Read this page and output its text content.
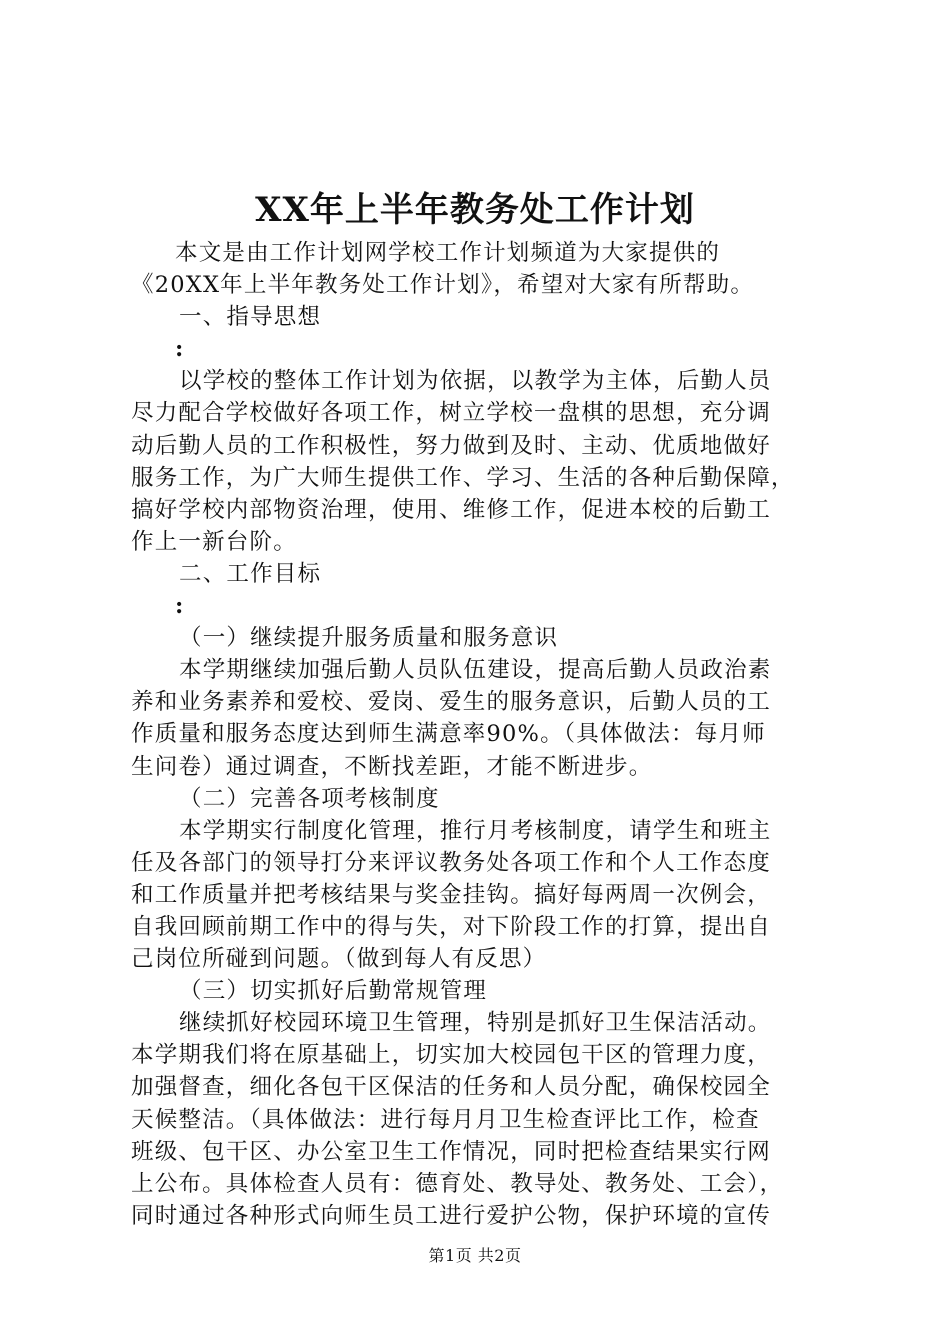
XX年上半年教务处工作计划
本文是由工作计划网学校工作计划频道为大家提供的
《20XX年上半年教务处工作计划》，希望对大家有所帮助。
一、指导思想
:
以学校的整体工作计划为依据，以教学为主体，后勤人员
尽力配合学校做好各项工作，树立学校一盘棋的思想，充分调
动后勤人员的工作积极性，努力做到及时、主动、优质地做好
服务工作，为广大师生提供工作、学习、生活的各种后勤保障，
搞好学校内部物资治理，使用、维修工作，促进本校的后勤工
作上一新台阶。
二、工作目标
:
（一）继续提升服务质量和服务意识
本学期继续加强后勤人员队伍建设，提高后勤人员政治素
养和业务素养和爱校、爱岗、爱生的服务意识，后勤人员的工
作质量和服务态度达到师生满意率90%。（具体做法：每月师
生问卷）通过调查，不断找差距，才能不断进步。
（二）完善各项考核制度
本学期实行制度化管理，推行月考核制度，请学生和班主
任及各部门的领导打分来评议教务处各项工作和个人工作态度
和工作质量并把考核结果与奖金挂钩。搞好每两周一次例会，
自我回顾前期工作中的得与失，对下阶段工作的打算，提出自
己岗位所碰到问题。（做到每人有反思）
（三）切实抓好后勤常规管理
继续抓好校园环境卫生管理，特别是抓好卫生保洁活动。
本学期我们将在原基础上，切实加大校园包干区的管理力度，
加强督查，细化各包干区保洁的任务和人员分配，确保校园全
天候整洁。（具体做法：进行每月月卫生检查评比工作，检查
班级、包干区、办公室卫生工作情况，同时把检查结果实行网
上公布。具体检查人员有：德育处、教导处、教务处、工会），
同时通过各种形式向师生员工进行爱护公物，保护环境的宣传
第1页 共2页
